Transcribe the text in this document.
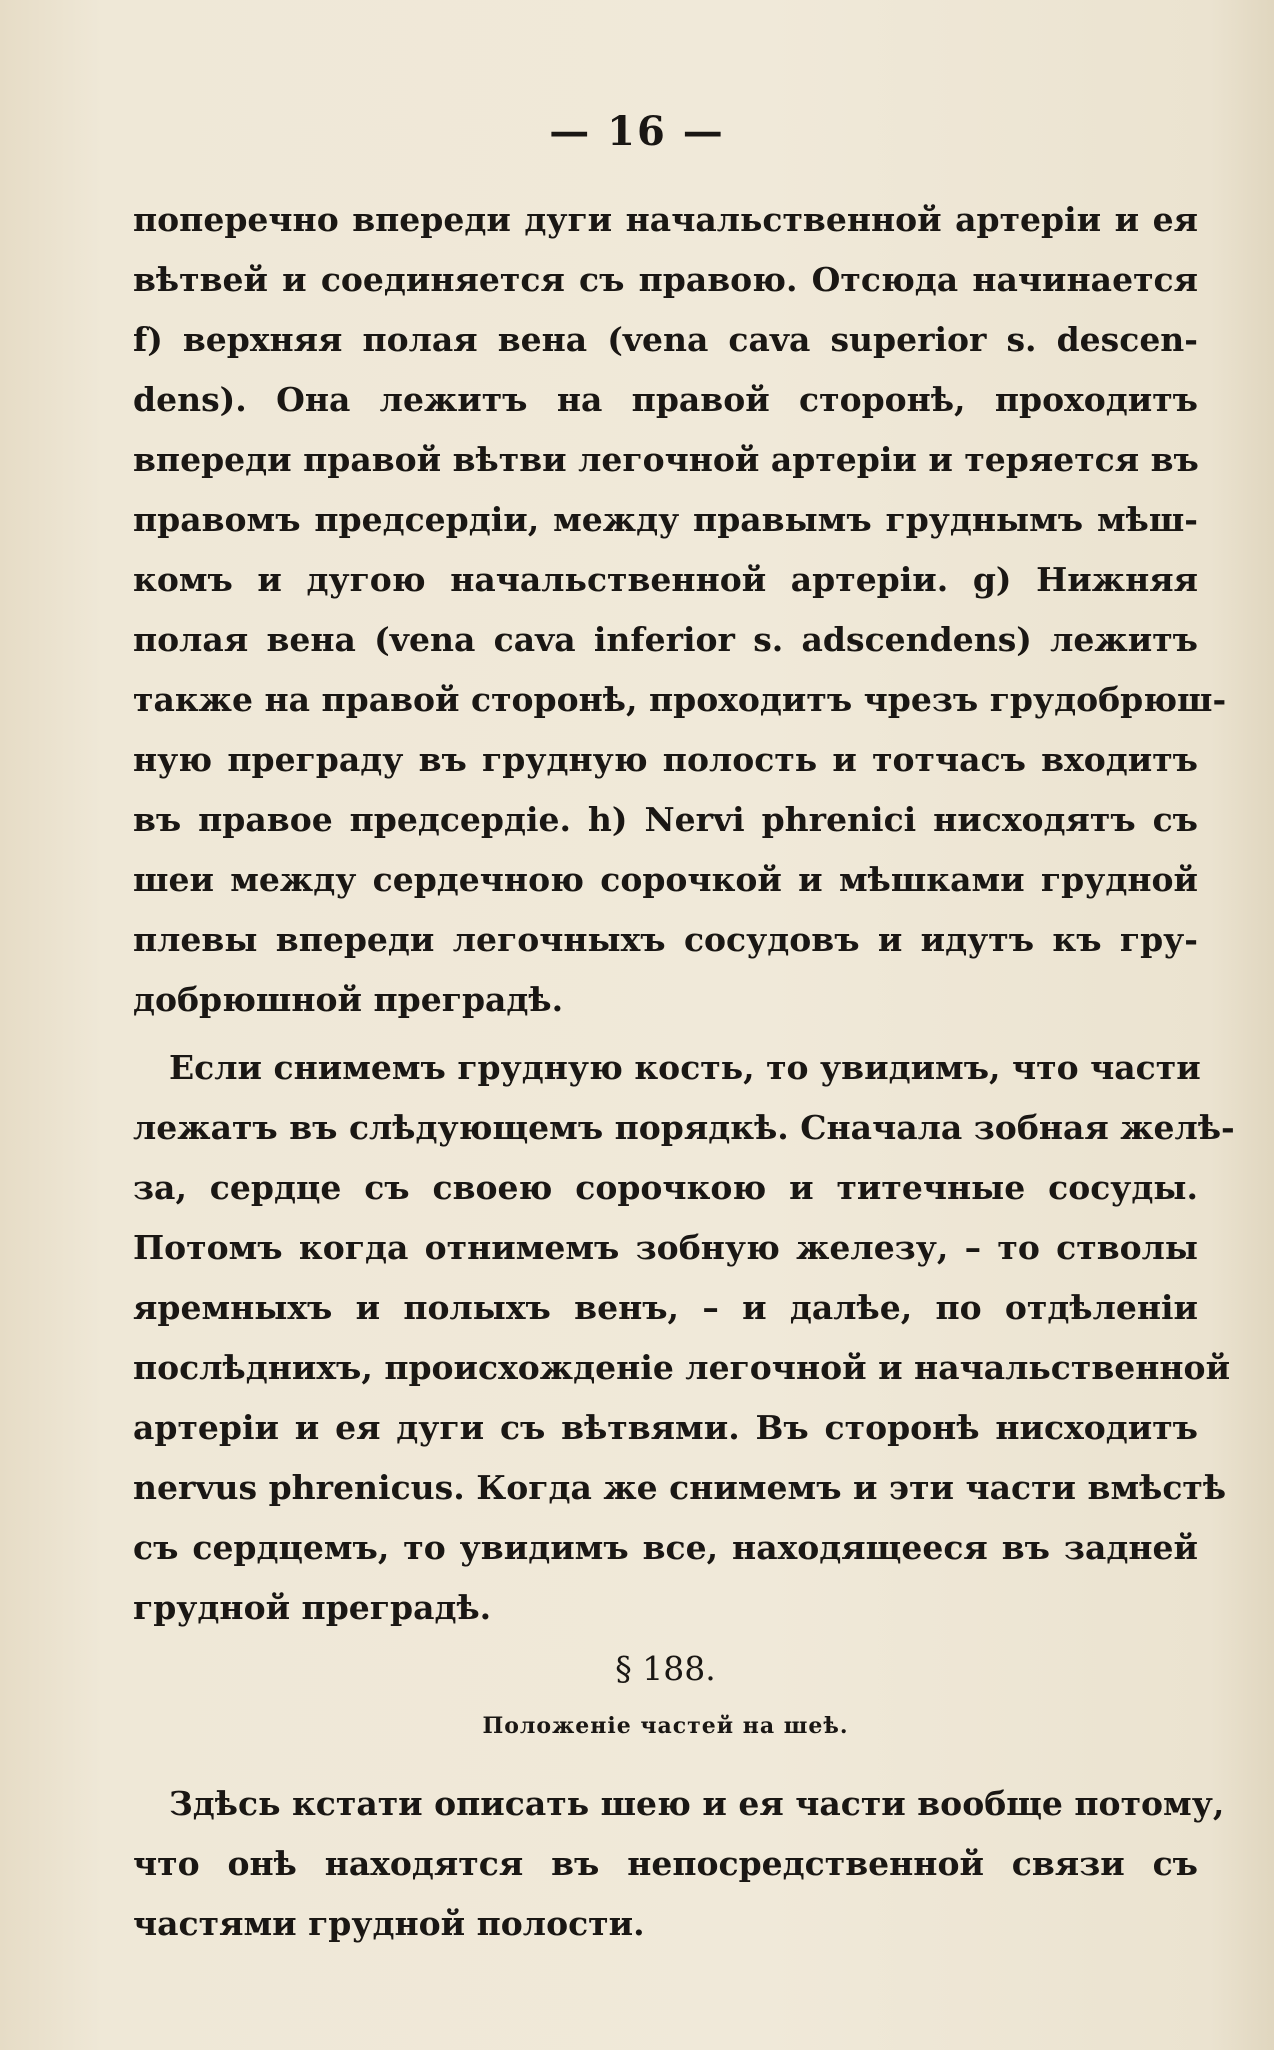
— 16 —
поперечно впереди дуги начальственной артеріи и ея
вѣтвей и соединяется съ правою. Отсюда начинается
f) верхняя полая вена (vena cava superior s. descen-
dens). Она лежитъ на правой сторонѣ, проходитъ
впереди правой вѣтви легочной артеріи и теряется въ
правомъ предсердіи, между правымъ груднымъ мѣш-
комъ и дугою начальственной артеріи. g) Нижняя
полая вена (vena cava inferior s. adscendens) лежитъ
также на правой сторонѣ, проходитъ чрезъ грудобрюш-
ную преграду въ грудную полость и тотчасъ входитъ
въ правое предсердіе. h) Nervi phrenici нисходятъ съ
шеи между сердечною сорочкой и мѣшками грудной
плевы впереди легочныхъ сосудовъ и идутъ къ гру-
добрюшной преградѣ.
Если снимемъ грудную кость, то увидимъ, что части
лежатъ въ слѣдующемъ порядкѣ. Сначала зобная желѣ-
за, сердце съ своею сорочкою и титечные сосуды.
Потомъ когда отнимемъ зобную железу, – то стволы
яремныхъ и полыхъ венъ, – и далѣе, по отдѣленіи
послѣднихъ, происхожденіе легочной и начальственной
артеріи и ея дуги съ вѣтвями. Въ сторонѣ нисходитъ
nervus phrenicus. Когда же снимемъ и эти части вмѣстѣ
съ сердцемъ, то увидимъ все, находящееся въ задней
грудной преградѣ.
§ 188.
Положеніе частей на шеѣ.
Здѣсь кстати описать шею и ея части вообще потому,
что онѣ находятся въ непосредственной связи съ
частями грудной полости.
